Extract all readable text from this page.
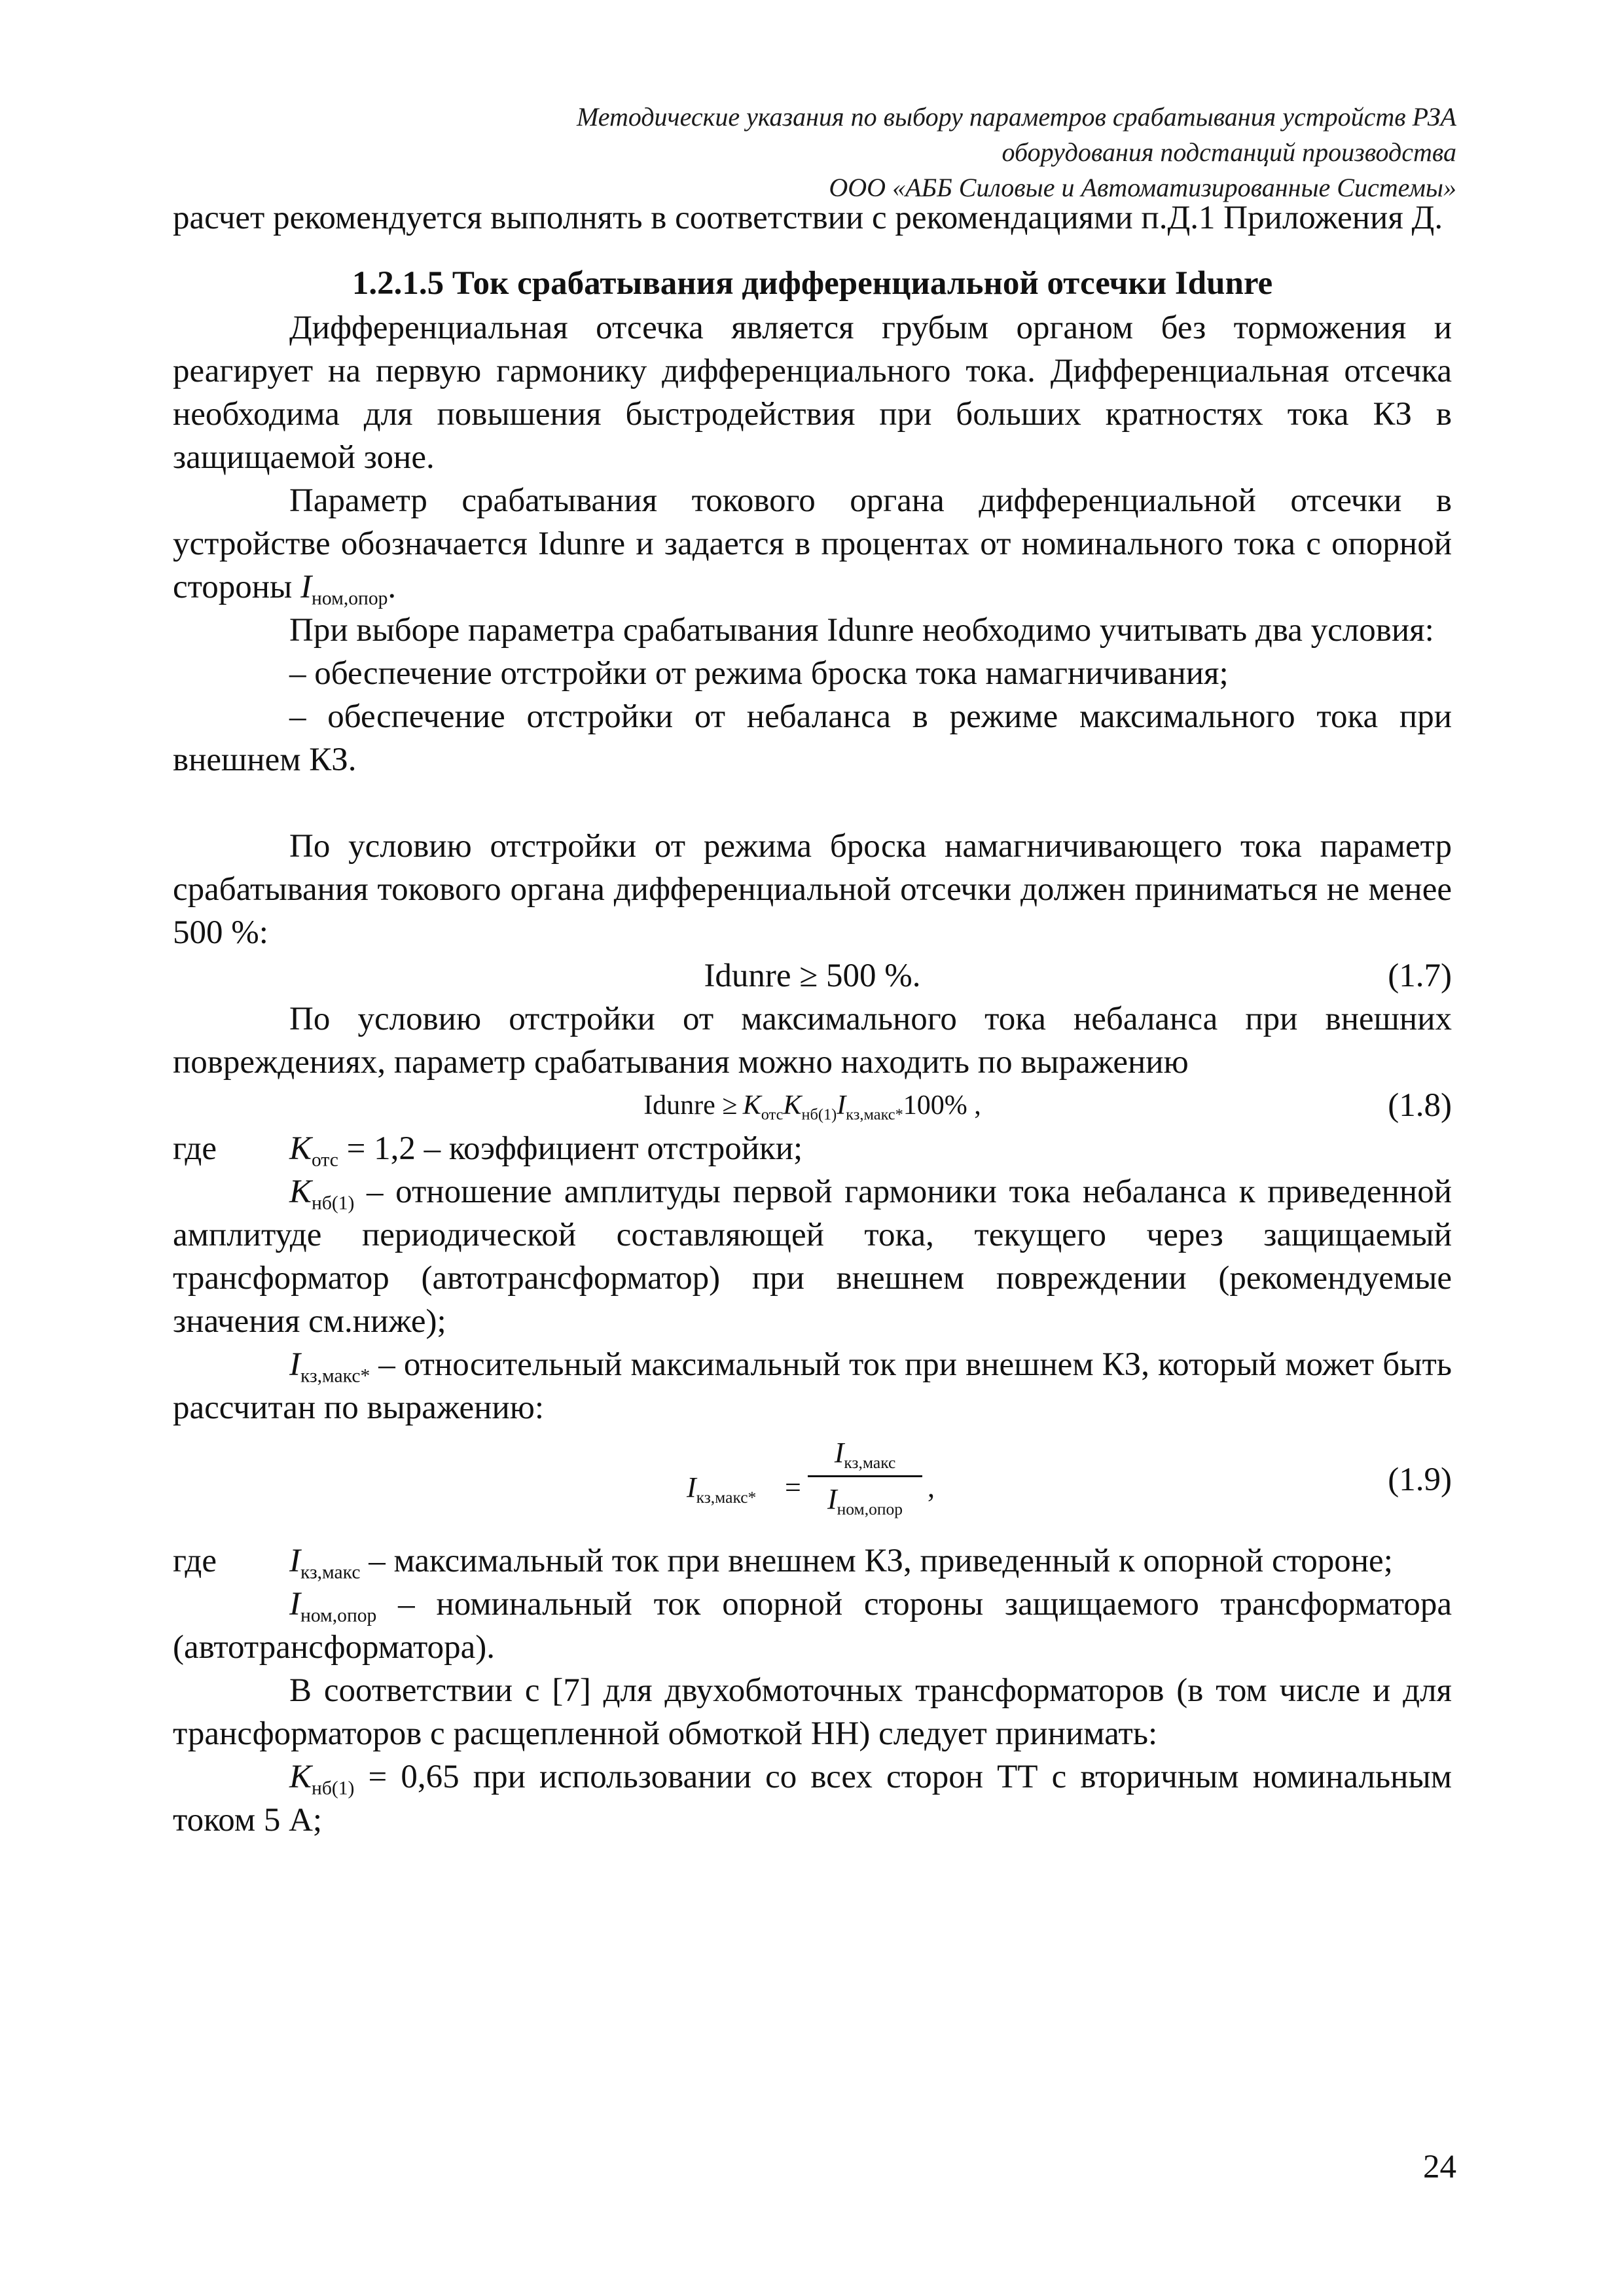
Методические указания по выбору параметров срабатывания устройств РЗА
оборудования подстанций производства
ООО «АББ Силовые и Автоматизированные Системы»

расчет рекомендуется выполнять в соответствии с рекомендациями п.Д.1 Приложения Д.

1.2.1.5 Ток срабатывания дифференциальной отсечки Idunre

Дифференциальная отсечка является грубым органом без торможения и реагирует на первую гармонику дифференциального тока. Дифференциальная отсечка необходима для повышения быстродействия при больших кратностях тока КЗ в защищаемой зоне.

Параметр срабатывания токового органа дифференциальной отсечки в устройстве обозначается Idunre и задается в процентах от номинального тока с опорной стороны $I_{ном,опор}$.

При выборе параметра срабатывания Idunre необходимо учитывать два условия:

– обеспечение отстройки от режима броска тока намагничивания;

– обеспечение отстройки от небаланса в режиме максимального тока при внешнем КЗ.

По условию отстройки от режима броска намагничивающего тока параметр срабатывания токового органа дифференциальной отсечки должен приниматься не менее 500 %:

Idunre ≥ 500 %.	(1.7)

По условию отстройки от максимального тока небаланса при внешних повреждениях, параметр срабатывания можно находить по выражению

Idunre ≥  $K_{отс}K_{нб(1)}I_{кз,макс*}100\%$ ,	(1.8)
где	$K_{отс} = 1,2$ – коэффициент отстройки;

$K_{нб(1)}$ – отношение амплитуды первой гармоники тока небаланса к приведенной амплитуде периодической составляющей тока, текущего через защищаемый трансформатор (автотрансформатор) при внешнем повреждении (рекомендуемые значения см.ниже);

$I_{кз,макс*}$ – относительный максимальный ток при внешнем КЗ, который может быть рассчитан по выражению:

$I_{кз,макс*}$ =
$I_{кз,макс}$
$I_{ном,опор}$
,	(1.9)
где	$I_{кз,макс}$ – максимальный ток при внешнем КЗ, приведенный к опорной стороне;

$I_{ном,опор}$ – номинальный ток опорной стороны защищаемого трансформатора (автотрансформатора).

В соответствии с [7] для двухобмоточных трансформаторов (в том числе и для трансформаторов с расщепленной обмоткой НН) следует принимать:

$K_{нб(1)} = 0,65$ при использовании со всех сторон ТТ с вторичным номинальным током 5 А;

24
